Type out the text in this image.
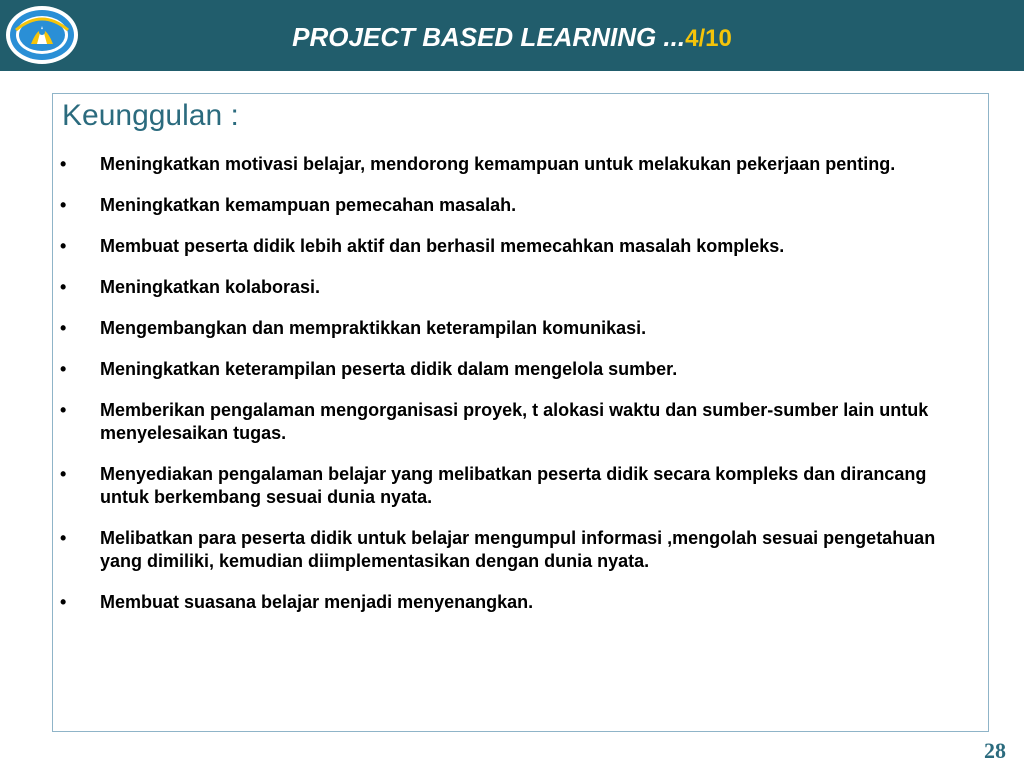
PROJECT BASED LEARNING ...4/10
Keunggulan :
• Meningkatkan motivasi belajar, mendorong kemampuan untuk melakukan pekerjaan penting.
• Meningkatkan kemampuan pemecahan masalah.
• Membuat peserta didik lebih aktif dan berhasil memecahkan masalah kompleks.
• Meningkatkan kolaborasi.
• Mengembangkan dan mempraktikkan keterampilan komunikasi.
• Meningkatkan keterampilan peserta didik dalam mengelola sumber.
• Memberikan pengalaman mengorganisasi proyek, t alokasi waktu dan sumber-sumber lain untuk menyelesaikan tugas.
• Menyediakan pengalaman belajar yang melibatkan peserta didik secara kompleks dan dirancang untuk berkembang sesuai dunia nyata.
• Melibatkan para peserta didik untuk belajar mengumpul informasi ,mengolah sesuai pengetahuan yang dimiliki, kemudian diimplementasikan dengan dunia nyata.
• Membuat suasana belajar menjadi menyenangkan.
28
